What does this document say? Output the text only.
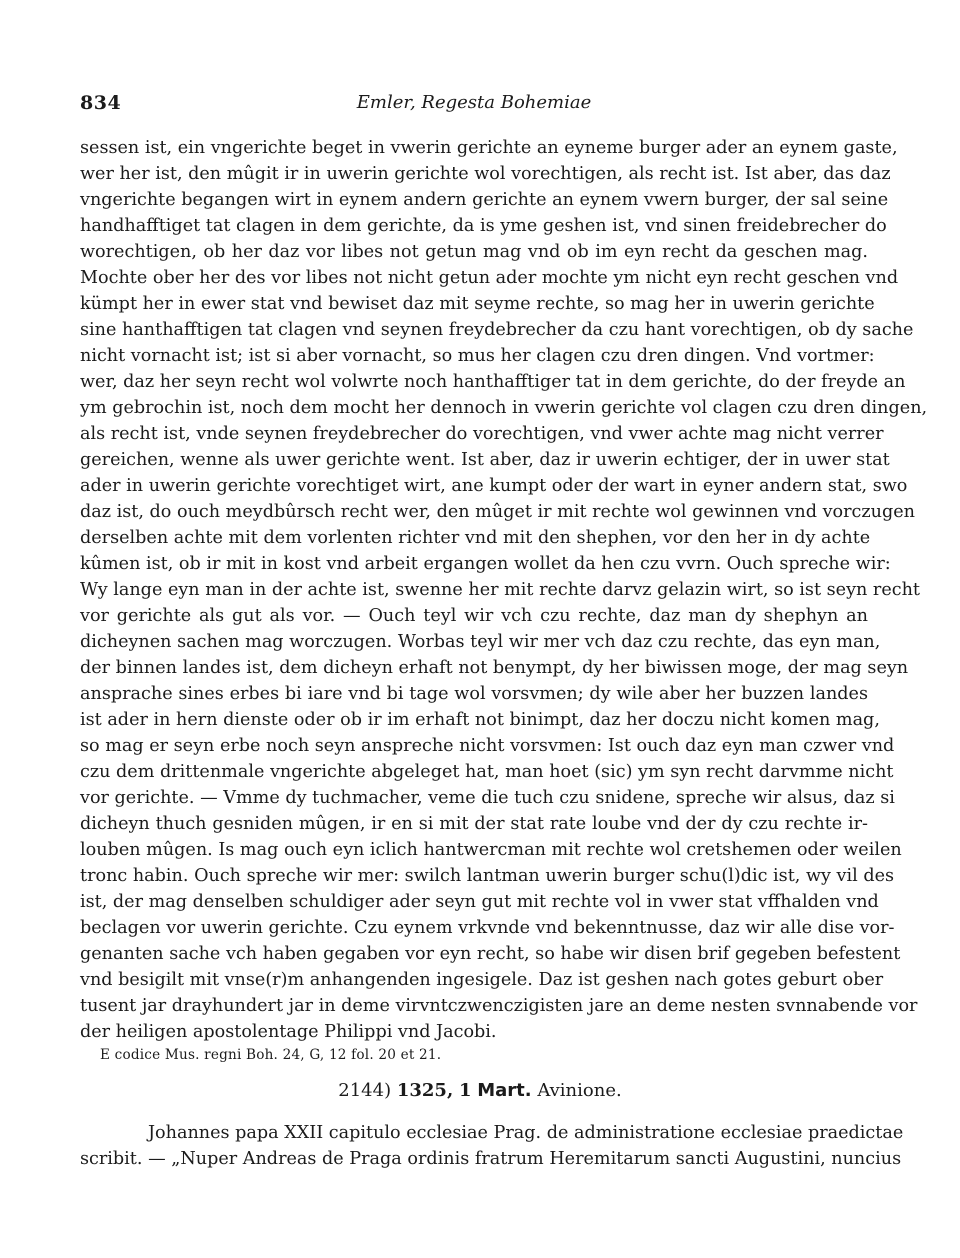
834	Emler, Regesta Bohemiae
sessen ist, ein vngerichte beget in vwerin gerichte an eyneme burger ader an eynem gaste,
wer her ist, den mûgit ir in uwerin gerichte wol vorechtigen, als recht ist. Ist aber, das daz
vngerichte begangen wirt in eynem andern gerichte an eynem vwern burger, der sal seine
handhafftiget tat clagen in dem gerichte, da is yme geshen ist, vnd sinen freidebrecher do
worechtigen, ob her daz vor libes not getun mag vnd ob im eyn recht da geschen mag.
Mochte ober her des vor libes not nicht getun ader mochte ym nicht eyn recht geschen vnd
kümpt her in ewer stat vnd bewiset daz mit seyme rechte, so mag her in uwerin gerichte
sine hanthafftigen tat clagen vnd seynen freydebrecher da czu hant vorechtigen, ob dy sache
nicht vornacht ist; ist si aber vornacht, so mus her clagen czu dren dingen. Vnd vortmer:
wer, daz her seyn recht wol volwrte noch hanthafftiger tat in dem gerichte, do der freyde an
ym gebrochin ist, noch dem mocht her dennoch in vwerin gerichte vol clagen czu dren dingen,
als recht ist, vnde seynen freydebrecher do vorechtigen, vnd vwer achte mag nicht verrer
gereichen, wenne als uwer gerichte went. Ist aber, daz ir uwerin echtiger, der in uwer stat
ader in uwerin gerichte vorechtiget wirt, ane kumpt oder der wart in eyner andern stat, swo
daz ist, do ouch meydbûrsch recht wer, den mûget ir mit rechte wol gewinnen vnd vorczugen
derselben achte mit dem vorlenten richter vnd mit den shephen, vor den her in dy achte
kûmen ist, ob ir mit in kost vnd arbeit ergangen wollet da hen czu vvrn. Ouch spreche wir:
Wy lange eyn man in der achte ist, swenne her mit rechte darvz gelazin wirt, so ist seyn recht
vor gerichte als gut als vor. — Ouch teyl wir vch czu rechte, daz man dy shephyn an
dicheynen sachen mag worczugen. Worbas teyl wir mer vch daz czu rechte, das eyn man,
der binnen landes ist, dem dicheyn erhaft not benympt, dy her biwissen moge, der mag seyn
ansprache sines erbes bi iare vnd bi tage wol vorsvmen; dy wile aber her buzzen landes
ist ader in hern dienste oder ob ir im erhaft not binimpt, daz her doczu nicht komen mag,
so mag er seyn erbe noch seyn anspreche nicht vorsvmen: Ist ouch daz eyn man czwer vnd
czu dem drittenmale vngerichte abgeleget hat, man hoet (sic) ym syn recht darvmme nicht
vor gerichte. — Vmme dy tuchmacher, veme die tuch czu snidene, spreche wir alsus, daz si
dicheyn thuch gesniden mûgen, ir en si mit der stat rate loube vnd der dy czu rechte ir-
louben mûgen. Is mag ouch eyn iclich hantwercman mit rechte wol cretshemen oder weilen
tronc habin. Ouch spreche wir mer: swilch lantman uwerin burger schu(l)dic ist, wy vil des
ist, der mag denselben schuldiger ader seyn gut mit rechte vol in vwer stat vffhalden vnd
beclagen vor uwerin gerichte. Czu eynem vrkvnde vnd bekenntnusse, daz wir alle dise vor-
genanten sache vch haben gegaben vor eyn recht, so habe wir disen brif gegeben befestent
vnd besigilt mit vnse(r)m anhangenden ingesigele. Daz ist geshen nach gotes geburt ober
tusent jar drayhundert jar in deme virvntczwenczigisten jare an deme nesten svnnabende vor
der heiligen apostolentage Philippi vnd Jacobi.
E codice Mus. regni Boh. 24, G, 12 fol. 20 et 21.
2144) 1325, 1 Mart. Avinione.
Johannes papa XXII capitulo ecclesiae Prag. de administratione ecclesiae praedictae
scribit. — „Nuper Andreas de Praga ordinis fratrum Heremitarum sancti Augustini, nuncius
